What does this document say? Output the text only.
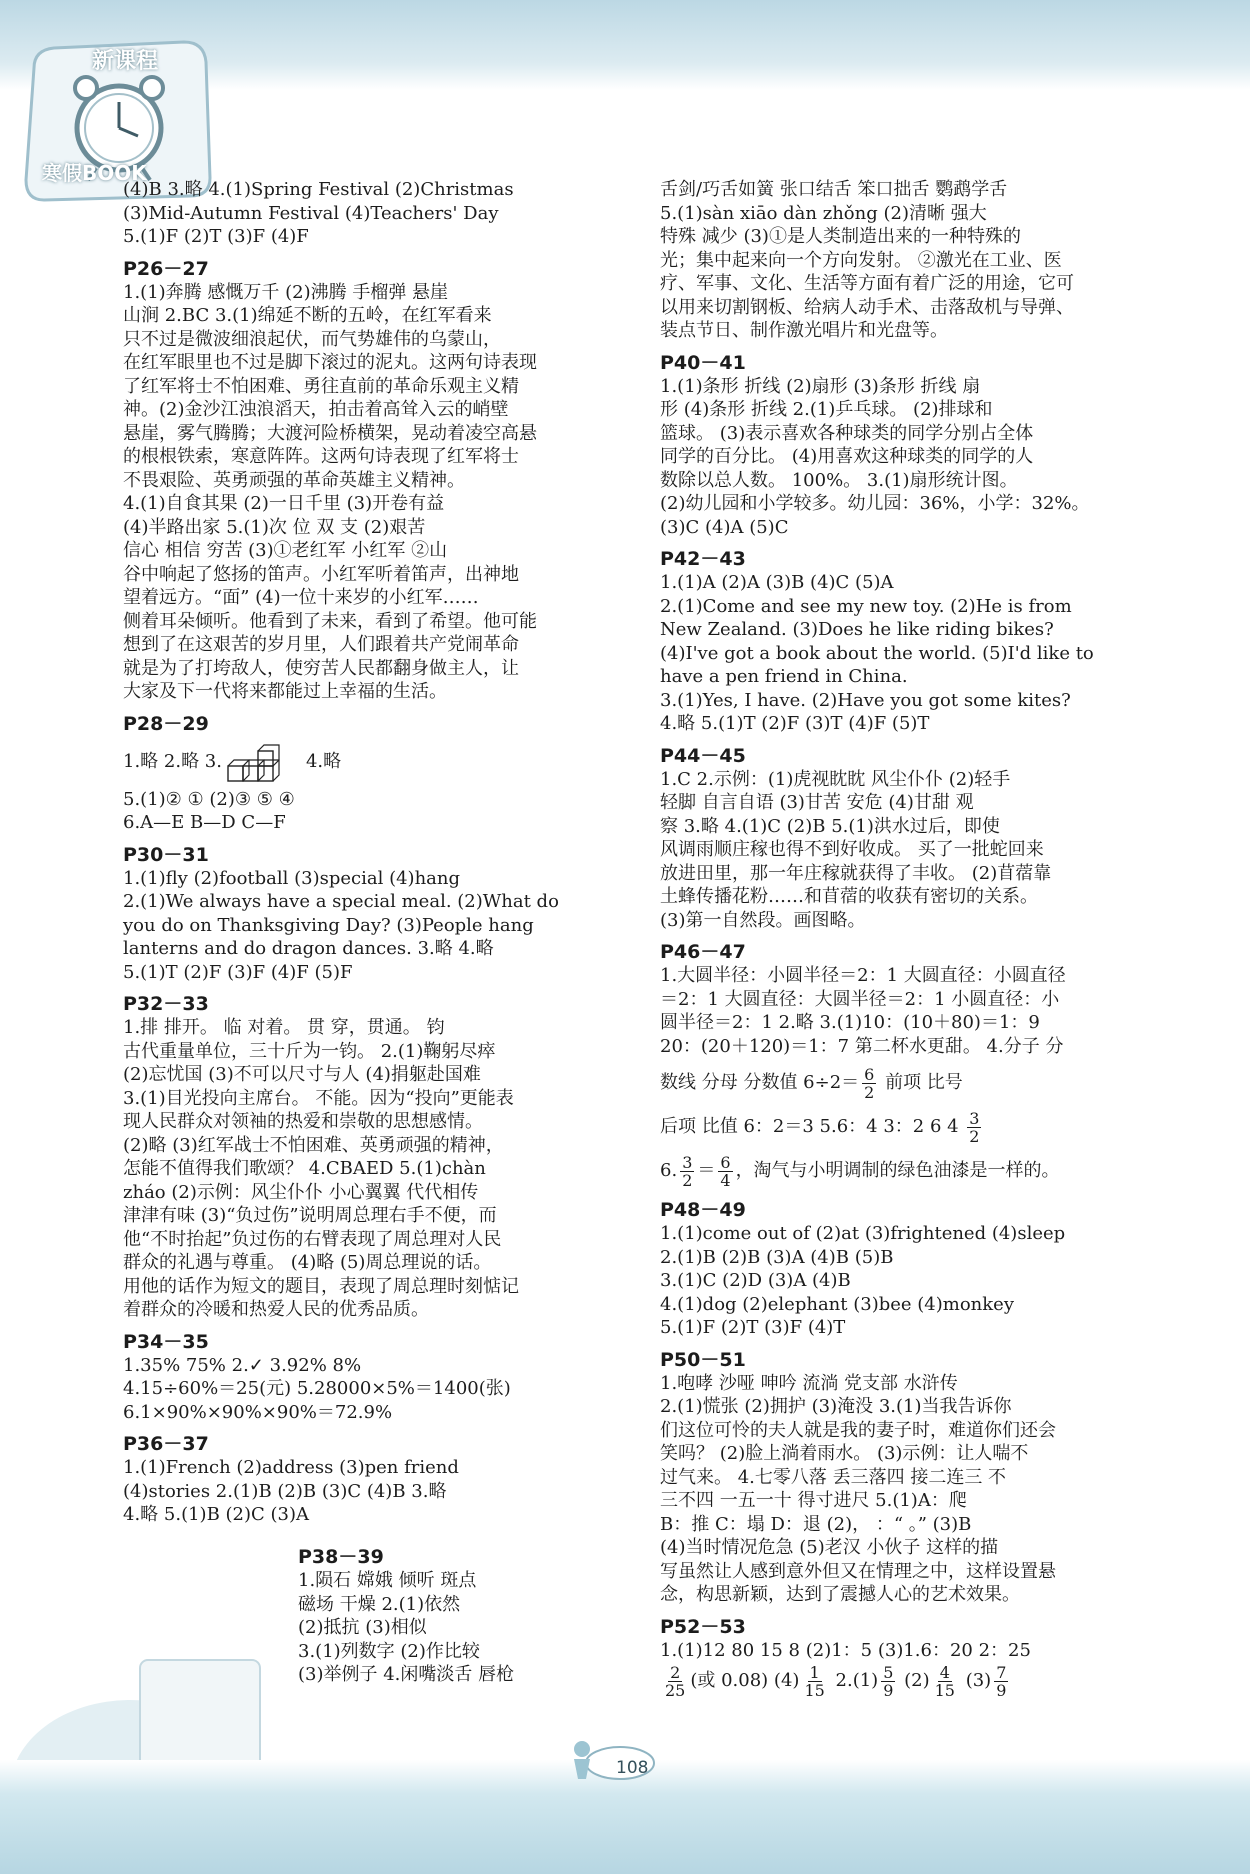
新课程
寒假BOOK
(4)B 3.略 4.(1)Spring Festival (2)Christmas
(3)Mid-Autumn Festival (4)Teachers' Day
5.(1)F (2)T (3)F (4)F
P26－27
1.(1)奔腾 感慨万千 (2)沸腾 手榴弹 悬崖
山涧 2.BC 3.(1)绵延不断的五岭，在红军看来
只不过是微波细浪起伏，而气势雄伟的乌蒙山，
在红军眼里也不过是脚下滚过的泥丸。这两句诗表现
了红军将士不怕困难、勇往直前的革命乐观主义精
神。(2)金沙江浊浪滔天，拍击着高耸入云的峭壁
悬崖，雾气腾腾；大渡河险桥横架，晃动着凌空高悬
的根根铁索，寒意阵阵。这两句诗表现了红军将士
不畏艰险、英勇顽强的革命英雄主义精神。
4.(1)自食其果 (2)一日千里 (3)开卷有益
(4)半路出家 5.(1)次 位 双 支 (2)艰苦
信心 相信 穷苦 (3)①老红军 小红军 ②山
谷中响起了悠扬的笛声。小红军听着笛声，出神地
望着远方。“面” (4)一位十来岁的小红军……
侧着耳朵倾听。他看到了未来，看到了希望。他可能
想到了在这艰苦的岁月里，人们跟着共产党闹革命
就是为了打垮敌人，使穷苦人民都翻身做主人，让
大家及下一代将来都能过上幸福的生活。
P28－29
1.略 2.略 3.	4.略
5.(1)② ① (2)③ ⑤ ④
6.A—E B—D C—F
P30－31
1.(1)fly (2)football (3)special (4)hang
2.(1)We always have a special meal. (2)What do
you do on Thanksgiving Day? (3)People hang
lanterns and do dragon dances. 3.略 4.略
5.(1)T (2)F (3)F (4)F (5)F
P32－33
1.排 排开。 临 对着。 贯 穿，贯通。 钧
古代重量单位，三十斤为一钧。 2.(1)鞠躬尽瘁
(2)忘忧国 (3)不可以尺寸与人 (4)捐躯赴国难
3.(1)目光投向主席台。 不能。因为“投向”更能表
现人民群众对领袖的热爱和崇敬的思想感情。
(2)略 (3)红军战士不怕困难、英勇顽强的精神，
怎能不值得我们歌颂？ 4.CBAED 5.(1)chàn
zháo (2)示例：风尘仆仆 小心翼翼 代代相传
津津有味 (3)“负过伤”说明周总理右手不便，而
他“不时抬起”负过伤的右臂表现了周总理对人民
群众的礼遇与尊重。 (4)略 (5)周总理说的话。
用他的话作为短文的题目，表现了周总理时刻惦记
着群众的冷暖和热爱人民的优秀品质。
P34－35
1.35% 75% 2.✓ 3.92% 8%
4.15÷60%＝25(元) 5.28000×5%＝1400(张)
6.1×90%×90%×90%＝72.9%
P36－37
1.(1)French (2)address (3)pen friend
(4)stories 2.(1)B (2)B (3)C (4)B 3.略
4.略 5.(1)B (2)C (3)A
舌剑/巧舌如簧 张口结舌 笨口拙舌 鹦鹉学舌
5.(1)sàn xiāo dàn zhǒng (2)清晰 强大
特殊 减少 (3)①是人类制造出来的一种特殊的
光；集中起来向一个方向发射。 ②激光在工业、医
疗、军事、文化、生活等方面有着广泛的用途，它可
以用来切割钢板、给病人动手术、击落敌机与导弹、
装点节日、制作激光唱片和光盘等。
P40－41
1.(1)条形 折线 (2)扇形 (3)条形 折线 扇
形 (4)条形 折线 2.(1)乒乓球。 (2)排球和
篮球。 (3)表示喜欢各种球类的同学分别占全体
同学的百分比。 (4)用喜欢这种球类的同学的人
数除以总人数。 100%。 3.(1)扇形统计图。
(2)幼儿园和小学较多。幼儿园：36%，小学：32%。
(3)C (4)A (5)C
P42－43
1.(1)A (2)A (3)B (4)C (5)A
2.(1)Come and see my new toy. (2)He is from
New Zealand. (3)Does he like riding bikes?
(4)I've got a book about the world. (5)I'd like to
have a pen friend in China.
3.(1)Yes, I have. (2)Have you got some kites?
4.略 5.(1)T (2)F (3)T (4)F (5)T
P44－45
1.C 2.示例：(1)虎视眈眈 风尘仆仆 (2)轻手
轻脚 自言自语 (3)甘苦 安危 (4)甘甜 观
察 3.略 4.(1)C (2)B 5.(1)洪水过后，即使
风调雨顺庄稼也得不到好收成。 买了一批蛇回来
放进田里，那一年庄稼就获得了丰收。 (2)苜蓿靠
土蜂传播花粉……和苜蓿的收获有密切的关系。
(3)第一自然段。画图略。
P46－47
1.大圆半径：小圆半径＝2：1 大圆直径：小圆直径
＝2：1 大圆直径：大圆半径＝2：1 小圆直径：小
圆半径＝2：1 2.略 3.(1)10：(10＋80)＝1：9
20：(20＋120)＝1：7 第二杯水更甜。 4.分子 分
数线 分母 分数值 $6\div 2= \frac{6}{2}$ 前项 比号
后项 比值 6：2＝3 5.6：4 3：2 6 $4 \frac{3}{2}$
6. $\frac{3}{2} = \frac{6}{4}$ ，淘气与小明调制的绿色油漆是一样的。
P48－49
1.(1)come out of (2)at (3)frightened (4)sleep
2.(1)B (2)B (3)A (4)B (5)B
3.(1)C (2)D (3)A (4)B
4.(1)dog (2)elephant (3)bee (4)monkey
5.(1)F (2)T (3)F (4)T
P50－51
1.咆哮 沙哑 呻吟 流淌 党支部 水浒传
2.(1)慌张 (2)拥护 (3)淹没 3.(1)当我告诉你
们这位可怜的夫人就是我的妻子时，难道你们还会
笑吗？ (2)脸上淌着雨水。 (3)示例：让人喘不
过气来。 4.七零八落 丢三落四 接二连三 不
三不四 一五一十 得寸进尺 5.(1)A：爬
B：推 C：塌 D：退 (2)， ：“ 。” (3)B
(4)当时情况危急 (5)老汉 小伙子 这样的描
写虽然让人感到意外但又在情理之中，这样设置悬
念，构思新颖，达到了震撼人心的艺术效果。
P52－53
1.(1)12 80 15 8 (2)1：5 (3)1.6：20 2：25
$\frac{2}{25}$ (或 0.08) $(4) \frac{1}{15} 2.(1) \frac{5}{9} (2) \frac{4}{15} (3) \frac{7}{9}$
P38－39
1.陨石 嫦娥 倾听 斑点
磁场 干燥 2.(1)依然
(2)抵抗 (3)相似
3.(1)列数字 (2)作比较
(3)举例子 4.闲嘴淡舌 唇枪
108
